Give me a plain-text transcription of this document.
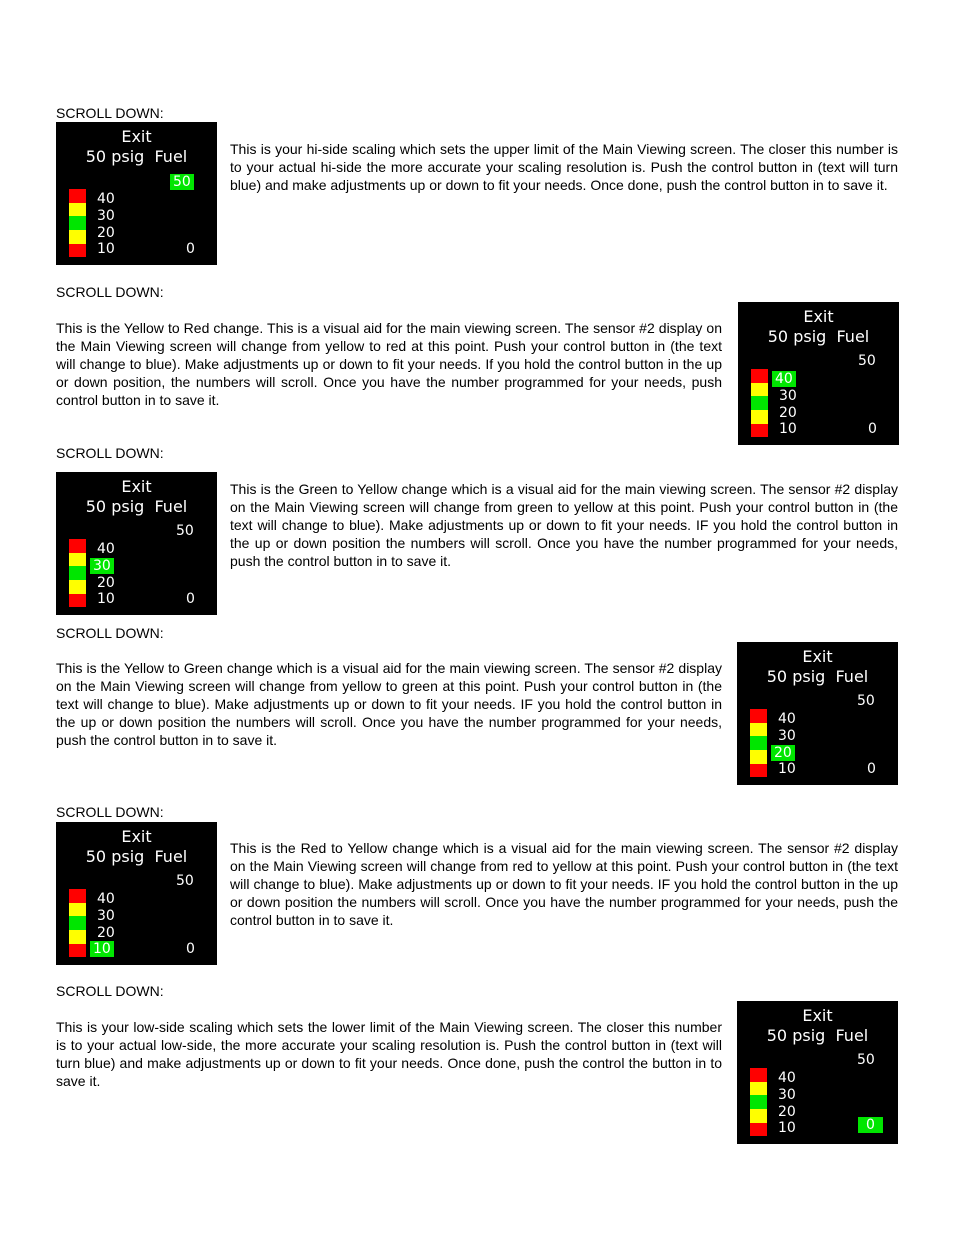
SCROLL DOWN:
Exit
50 psig Fuel
50
40
30
20
10	0

This is your hi-side scaling which sets the upper limit of the Main Viewing screen. The closer this number is to your actual hi-side the more accurate your scaling resolution is. Push the control button in (text will turn blue) and make adjustments up or down to fit your needs. Once done, push the control button in to save it.

SCROLL DOWN:

This is the Yellow to Red change. This is a visual aid for the main viewing screen. The sensor #2 display on the Main Viewing screen will change from yellow to red at this point. Push your control button in (the text will change to blue). Make adjustments up or down to fit your needs. If you hold the control button in the up or down position, the numbers will scroll. Once you have the number programmed for your needs, push control button in to save it.

Exit
50 psig Fuel
50
40
30
20
10	0
SCROLL DOWN:
Exit
50 psig Fuel
50
40
30
20
10	0

This is the Green to Yellow change which is a visual aid for the main viewing screen. The sensor #2 display on the Main Viewing screen will change from green to yellow at this point. Push your control button in (the text will change to blue). Make adjustments up or down to fit your needs. IF you hold the control button in the up or down position the numbers will scroll. Once you have the number programmed for your needs, push the control button in to save it.

SCROLL DOWN:

This is the Yellow to Green change which is a visual aid for the main viewing screen. The sensor #2 display on the Main Viewing screen will change from yellow to green at this point. Push your control button in (the text will change to blue). Make adjustments up or down to fit your needs. IF you hold the control button in the up or down position the numbers will scroll. Once you have the number programmed for your needs, push the control button in to save it.

Exit
50 psig Fuel
50
40
30
20
10	0
SCROLL DOWN:
Exit
50 psig Fuel
50
40
30
20
10	0

This is the Red to Yellow change which is a visual aid for the main viewing screen. The sensor #2 display on the Main Viewing screen will change from red to yellow at this point. Push your control button in (the text will change to blue). Make adjustments up or down to fit your needs. IF you hold the control button in the up or down position the numbers will scroll. Once you have the number programmed for your needs, push the control button in to save it.

SCROLL DOWN:

This is your low-side scaling which sets the lower limit of the Main Viewing screen. The closer this number is to your actual low-side, the more accurate your scaling resolution is. Push the control button in (text will turn blue) and make adjustments up or down to fit your needs. Once done, push the control the button in to save it.

Exit
50 psig Fuel
50
40
30
20
10	0
